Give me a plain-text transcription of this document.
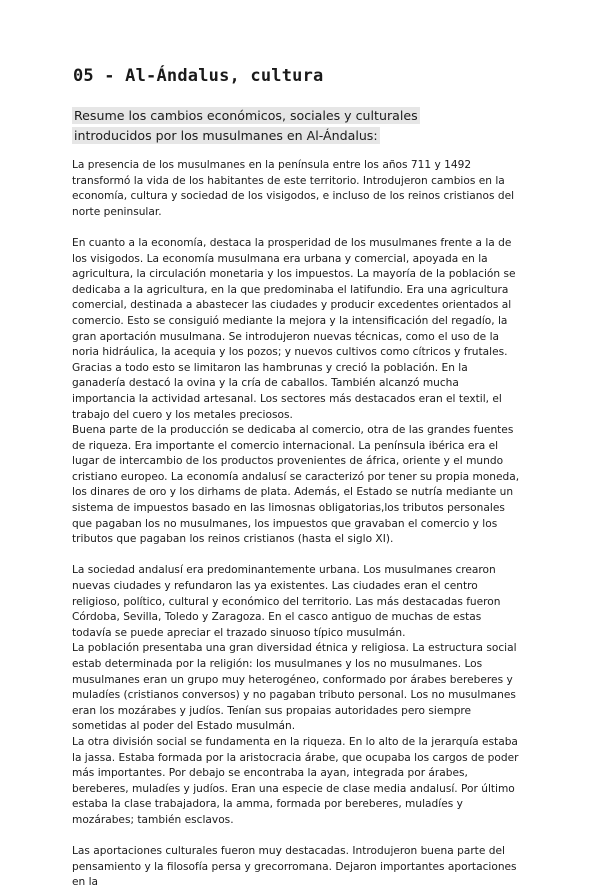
05 - Al-Ándalus, cultura
Resume los cambios económicos, sociales y culturales introducidos por los musulmanes en Al-Ándalus:

La presencia de los musulmanes en la península entre los años 711 y 1492 transformó la vida de los habitantes de este territorio. Introdujeron cambios en la economía, cultura y sociedad de los visigodos, e incluso de los reinos cristianos del norte peninsular.

En cuanto a la economía, destaca la prosperidad de los musulmanes frente a la de los visigodos. La economía musulmana era urbana y comercial, apoyada en la agricultura, la circulación monetaria y los impuestos. La mayoría de la población se dedicaba a la agricultura, en la que predominaba el latifundio. Era una agricultura comercial, destinada a abastecer las ciudades y producir excedentes orientados al comercio. Esto se consiguió mediante la mejora y la intensificación del regadío, la gran aportación musulmana. Se introdujeron nuevas técnicas, como el uso de la noria hidráulica, la acequia y los pozos; y nuevos cultivos como cítricos y frutales. Gracias a todo esto se limitaron las hambrunas y creció la población. En la ganadería destacó la ovina y la cría de caballos. También alcanzó mucha importancia la actividad artesanal. Los sectores más destacados eran el textil, el trabajo del cuero y los metales preciosos.

Buena parte de la producción se dedicaba al comercio, otra de las grandes fuentes de riqueza. Era importante el comercio internacional. La península ibérica era el lugar de intercambio de los productos provenientes de áfrica, oriente y el mundo cristiano europeo. La economía andalusí se caracterizó por tener su propia moneda, los dinares de oro y los dirhams de plata. Además, el Estado se nutría mediante un sistema de impuestos basado en las limosnas obligatorias,los tributos personales que pagaban los no musulmanes, los impuestos que gravaban el comercio y los tributos que pagaban los reinos cristianos (hasta el siglo XI).

La sociedad andalusí era predominantemente urbana. Los musulmanes crearon nuevas ciudades y refundaron las ya existentes. Las ciudades eran el centro religioso, político, cultural y económico del territorio. Las más destacadas fueron Córdoba, Sevilla, Toledo y Zaragoza. En el casco antiguo de muchas de estas todavía se puede apreciar el trazado sinuoso típico musulmán.

La población presentaba una gran diversidad étnica y religiosa. La estructura social estab determinada por la religión: los musulmanes y los no musulmanes. Los musulmanes eran un grupo muy heterogéneo, conformado por árabes bereberes y muladíes (cristianos conversos) y no pagaban tributo personal. Los no musulmanes eran los mozárabes y judíos. Tenían sus propaias autoridades pero siempre sometidas al poder del Estado musulmán.

La otra división social se fundamenta en la riqueza. En lo alto de la jerarquía estaba la jassa. Estaba formada por la aristocracia árabe, que ocupaba los cargos de poder más importantes. Por debajo se encontraba la ayan, integrada por árabes, bereberes, muladíes y judíos. Eran una especie de clase media andalusí. Por último estaba la clase trabajadora, la amma, formada por bereberes, muladíes y mozárabes; también esclavos.

Las aportaciones culturales fueron muy destacadas. Introdujeron buena parte del pensamiento y la filosofía persa y grecorromana. Dejaron importantes aportaciones en la
